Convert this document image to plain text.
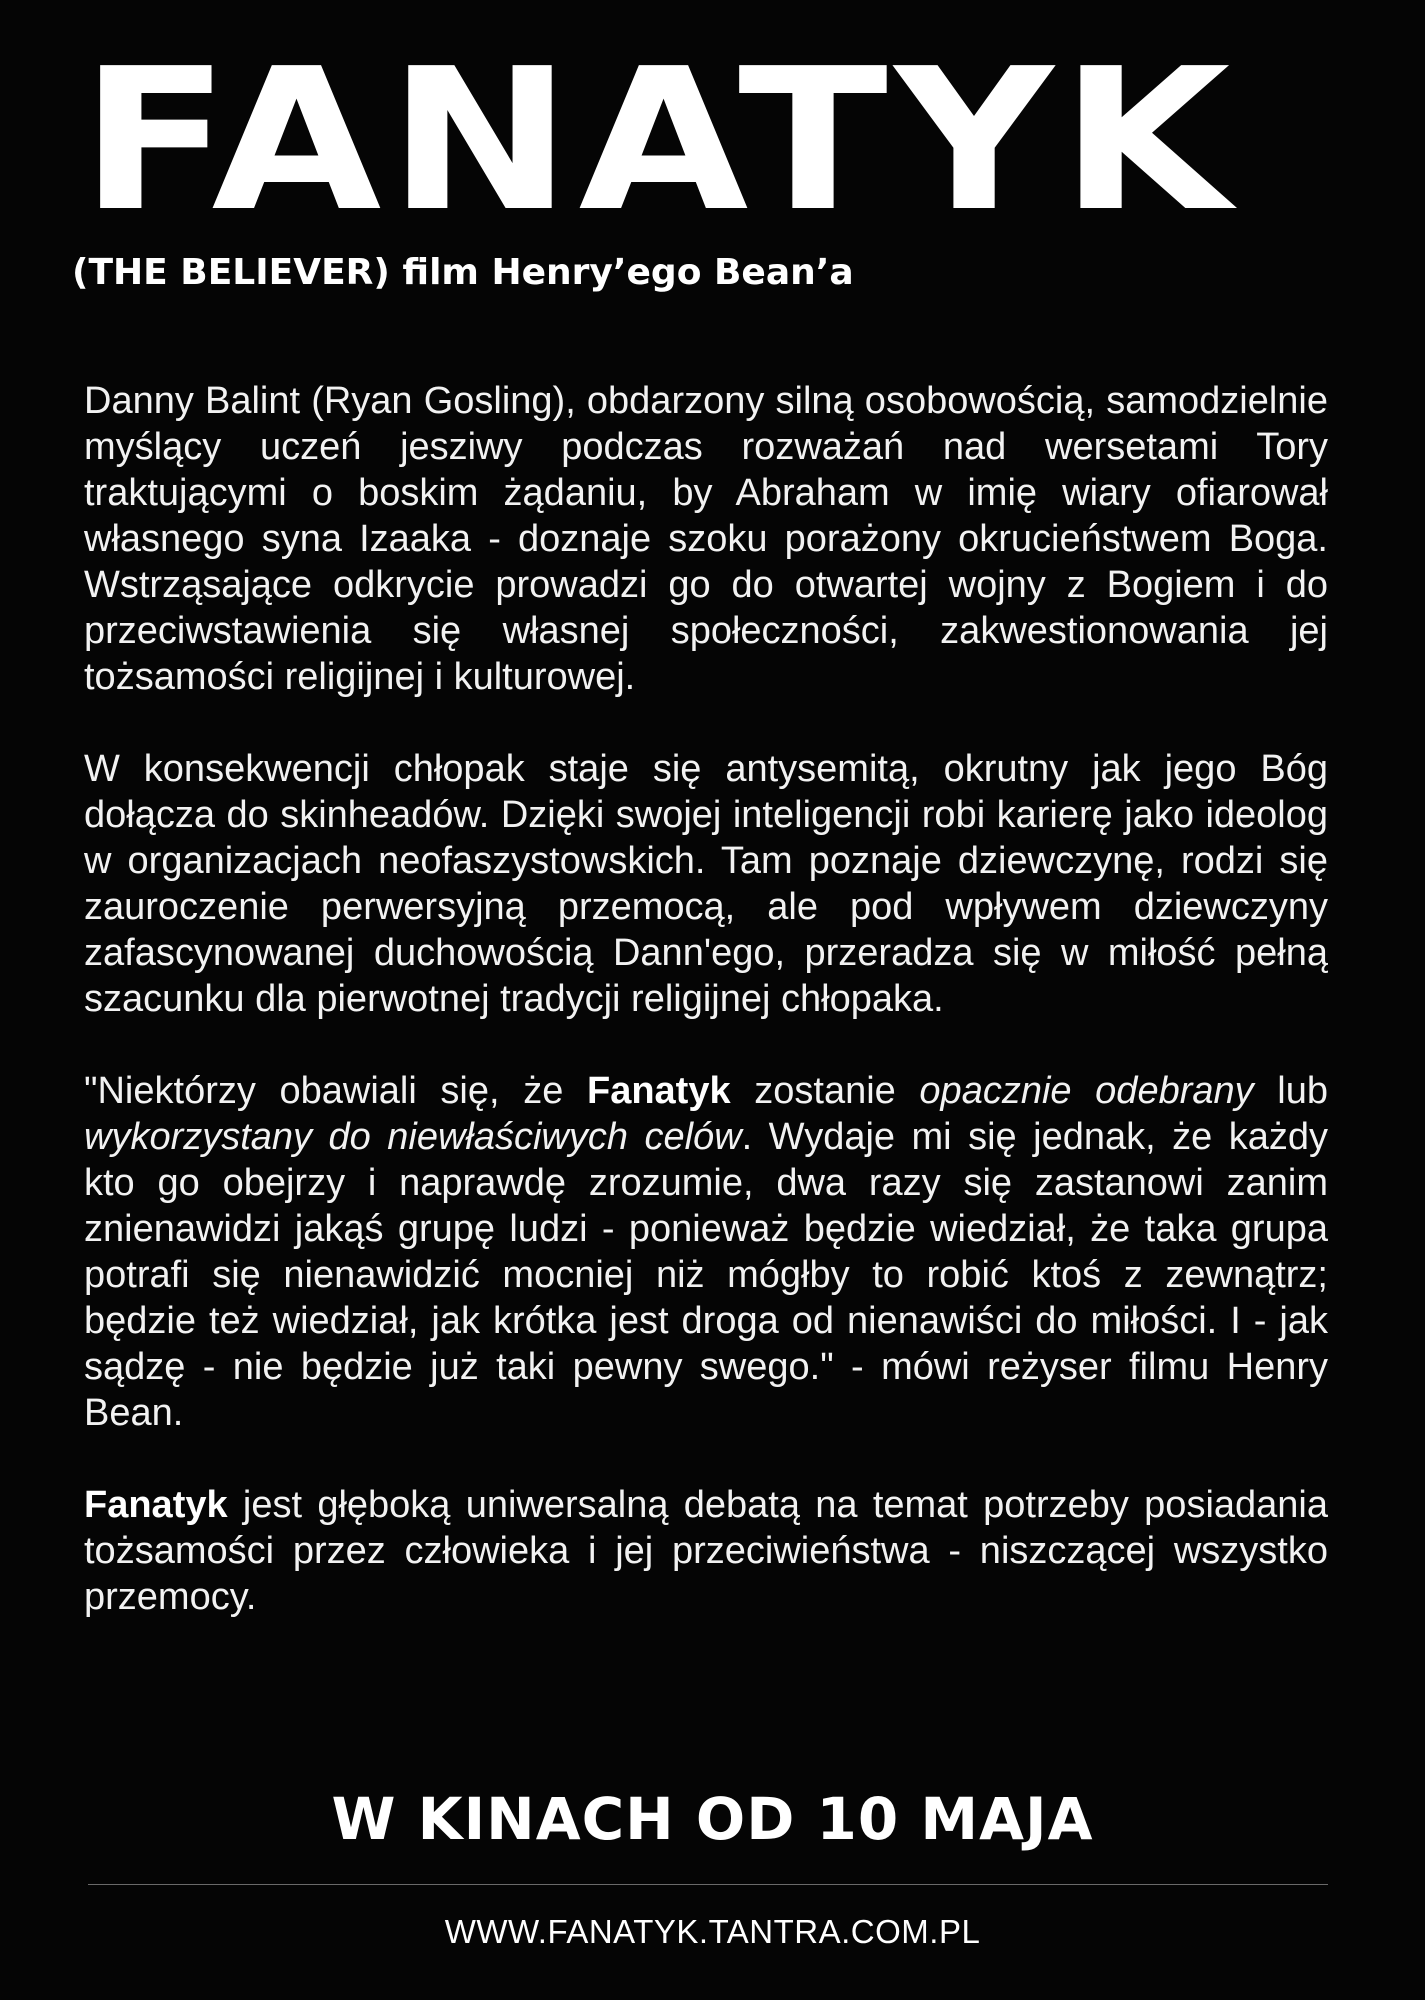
FANATYK
(THE BELIEVER) film Henry’ego Bean’a

Danny Balint (Ryan Gosling), obdarzony silną osobowością, samodzielnie myślący uczeń jesziwy podczas rozważań nad wersetami Tory traktującymi o boskim żądaniu, by Abraham w imię wiary ofiarował własnego syna Izaaka - doznaje szoku porażony okrucieństwem Boga. Wstrząsające odkrycie prowadzi go do otwartej wojny z Bogiem i do przeciwstawienia się własnej społeczności, zakwestionowania jej tożsamości religijnej i kulturowej.

W konsekwencji chłopak staje się antysemitą, okrutny jak jego Bóg dołącza do skinheadów. Dzięki swojej inteligencji robi karierę jako ideolog w organizacjach neofaszystowskich. Tam poznaje dziewczynę, rodzi się zauroczenie perwersyjną przemocą, ale pod wpływem dziewczyny zafascynowanej duchowością Dann'ego, przeradza się w miłość pełną szacunku dla pierwotnej tradycji religijnej chłopaka.

"Niektórzy obawiali się, że Fanatyk zostanie opacznie odebrany lub wykorzystany do niewłaściwych celów. Wydaje mi się jednak, że każdy kto go obejrzy i naprawdę zrozumie, dwa razy się zastanowi zanim znienawidzi jakąś grupę ludzi - ponieważ będzie wiedział, że taka grupa potrafi się nienawidzić mocniej niż mógłby to robić ktoś z zewnątrz; będzie też wiedział, jak krótka jest droga od nienawiści do miłości. I - jak sądzę - nie będzie już taki pewny swego." - mówi reżyser filmu Henry Bean.

Fanatyk jest głęboką uniwersalną debatą na temat potrzeby posiadania tożsamości przez człowieka i jej przeciwieństwa - niszczącej wszystko przemocy.

W KINACH OD 10 MAJA
WWW.FANATYK.TANTRA.COM.PL
